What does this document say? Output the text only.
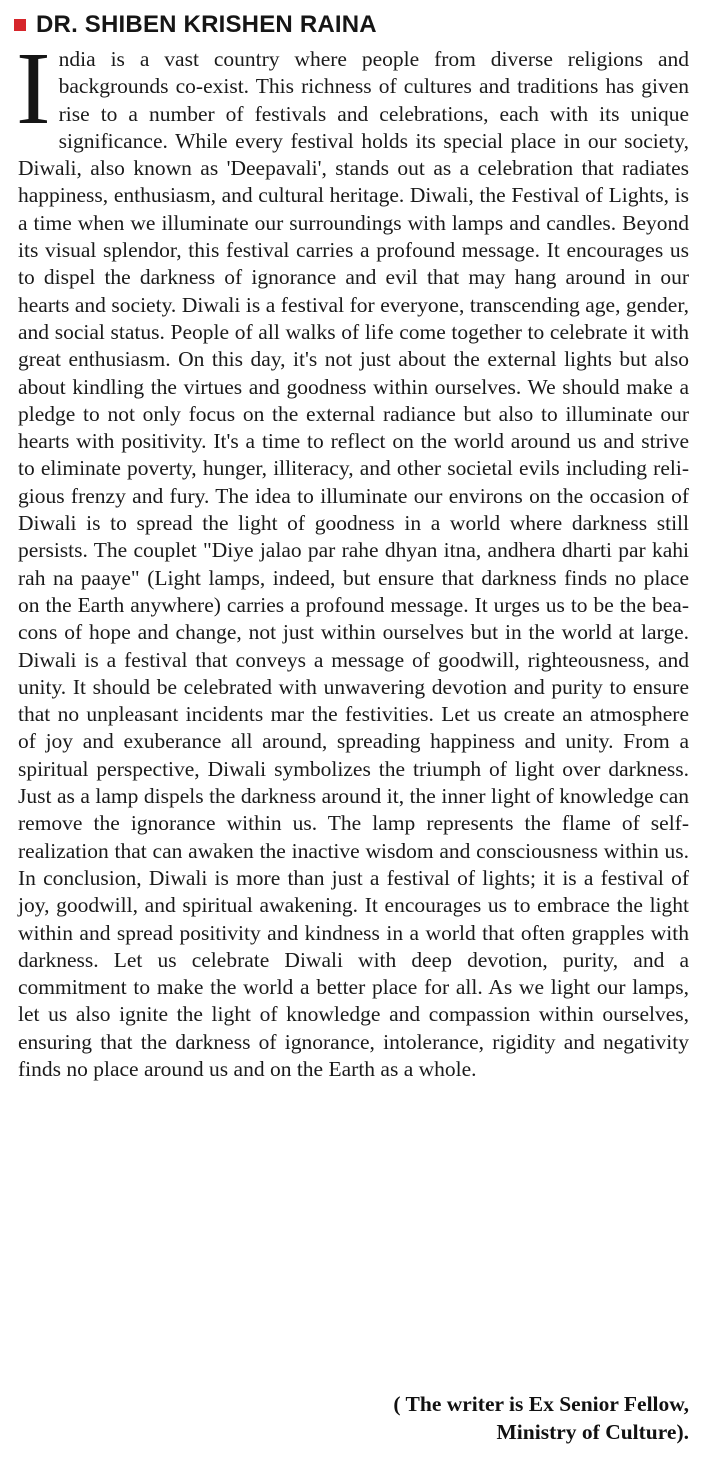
DR. SHIBEN KRISHEN RAINA
I ndia is a vast country where people from diverse religions and backgrounds co-exist. This richness of cultures and traditions has given rise to a number of festivals and celebrations, each with its unique significance. While every festival holds its special place in our society, Diwali, also known as 'Deepavali', stands out as a celebration that radiates happiness, enthusiasm, and cultural heritage. Diwali, the Festival of Lights, is a time when we illuminate our surroundings with lamps and candles. Beyond its visual splendor, this festival carries a profound message. It encourages us to dispel the darkness of ignorance and evil that may hang around in our hearts and society. Diwali is a festival for everyone, transcending age, gender, and social status. People of all walks of life come together to celebrate it with great enthusiasm. On this day, it's not just about the external lights but also about kindling the virtues and goodness within ourselves. We should make a pledge to not only focus on the external radiance but also to illuminate our hearts with positivity. It's a time to reflect on the world around us and strive to eliminate poverty, hunger, illiteracy, and other societal evils including religious frenzy and fury. The idea to illuminate our environs on the occasion of Diwali is to spread the light of goodness in a world where darkness still persists. The couplet "Diye jalao par rahe dhyan itna, andhera dharti par kahi rah na paaye" (Light lamps, indeed, but ensure that darkness finds no place on the Earth anywhere) carries a profound message. It urges us to be the beacons of hope and change, not just within ourselves but in the world at large. Diwali is a festival that conveys a message of goodwill, righteousness, and unity. It should be celebrated with unwavering devotion and purity to ensure that no unpleasant incidents mar the festivities. Let us create an atmosphere of joy and exuberance all around, spreading happiness and unity. From a spiritual perspective, Diwali symbolizes the triumph of light over darkness. Just as a lamp dispels the darkness around it, the inner light of knowledge can remove the ignorance within us. The lamp represents the flame of self-realization that can awaken the inactive wisdom and consciousness within us. In conclusion, Diwali is more than just a festival of lights; it is a festival of joy, goodwill, and spiritual awakening. It encourages us to embrace the light within and spread positivity and kindness in a world that often grapples with darkness. Let us celebrate Diwali with deep devotion, purity, and a commitment to make the world a better place for all. As we light our lamps, let us also ignite the light of knowledge and compassion within ourselves, ensuring that the darkness of ignorance, intolerance, rigidity and negativity finds no place around us and on the Earth as a whole.

( The writer is Ex Senior Fellow,
Ministry of Culture).
